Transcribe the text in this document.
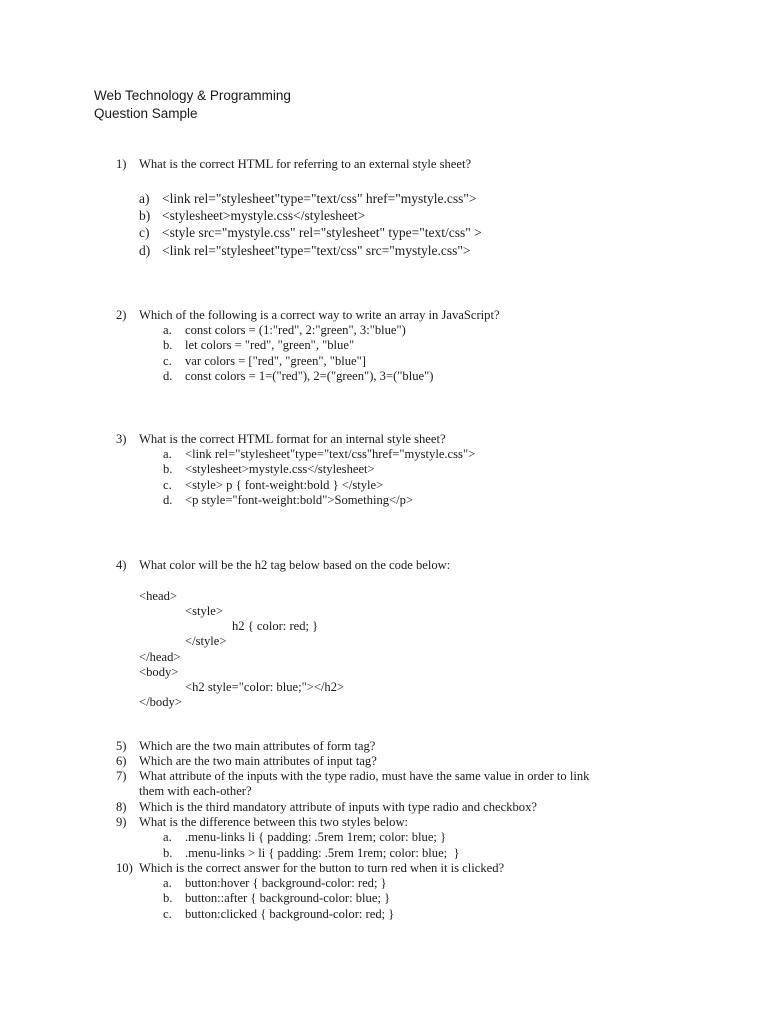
Web Technology & Programming
Question Sample
1) What is the correct HTML for referring to an external style sheet?
a) <link rel="stylesheet"type="text/css" href="mystyle.css">
b) <stylesheet>mystyle.css</stylesheet>
c) <style src="mystyle.css" rel="stylesheet" type="text/css" >
d) <link rel="stylesheet"type="text/css" src="mystyle.css">
2) Which of the following is a correct way to write an array in JavaScript?
a. const colors = (1:"red", 2:"green", 3:"blue")
b. let colors = "red", "green", "blue"
c. var colors = ["red", "green", "blue"]
d. const colors = 1=("red"), 2=("green"), 3=("blue")
3) What is the correct HTML format for an internal style sheet?
a. <link rel="stylesheet"type="text/css"href="mystyle.css">
b. <stylesheet>mystyle.css</stylesheet>
c. <style> p { font-weight:bold } </style>
d. <p style="font-weight:bold">Something</p>
4) What color will be the h2 tag below based on the code below:
<head>
<style>
h2 { color: red; }
</style>
</head>
<body>
<h2 style="color: blue;"></h2>
</body>
5) Which are the two main attributes of form tag?
6) Which are the two main attributes of input tag?
7) What attribute of the inputs with the type radio, must have the same value in order to link
them with each-other?
8) Which is the third mandatory attribute of inputs with type radio and checkbox?
9) What is the difference between this two styles below:
a. .menu-links li { padding: .5rem 1rem; color: blue; }
b. .menu-links > li { padding: .5rem 1rem; color: blue;  }
10) Which is the correct answer for the button to turn red when it is clicked?
a. button:hover { background-color: red; }
b. button::after { background-color: blue; }
c. button:clicked { background-color: red; }
